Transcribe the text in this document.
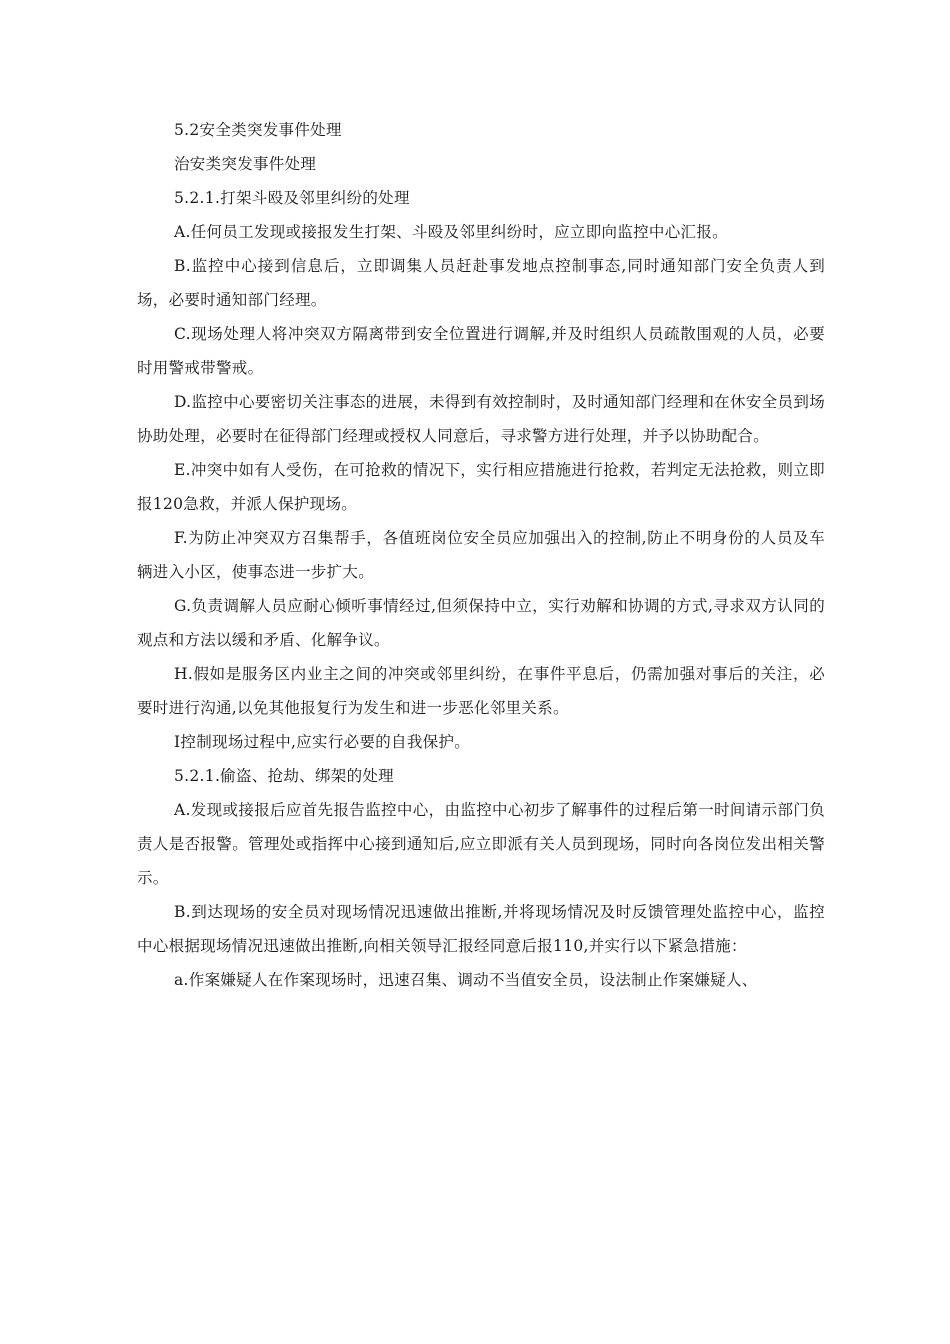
5.2安全类突发事件处理

治安类突发事件处理

5.2.1.打架斗殴及邻里纠纷的处理

A.任何员工发现或接报发生打架、斗殴及邻里纠纷时，应立即向监控中心汇报。

B.监控中心接到信息后，立即调集人员赶赴事发地点控制事态,同时通知部门安全负责人到场，必要时通知部门经理。

C.现场处理人将冲突双方隔离带到安全位置进行调解,并及时组织人员疏散围观的人员，必要时用警戒带警戒。

D.监控中心要密切关注事态的进展，未得到有效控制时，及时通知部门经理和在休安全员到场协助处理，必要时在征得部门经理或授权人同意后，寻求警方进行处理，并予以协助配合。

E.冲突中如有人受伤，在可抢救的情况下，实行相应措施进行抢救，若判定无法抢救，则立即报120急救，并派人保护现场。

F.为防止冲突双方召集帮手，各值班岗位安全员应加强出入的控制,防止不明身份的人员及车辆进入小区，使事态进一步扩大。

G.负责调解人员应耐心倾听事情经过,但须保持中立，实行劝解和协调的方式,寻求双方认同的观点和方法以缓和矛盾、化解争议。

H.假如是服务区内业主之间的冲突或邻里纠纷，在事件平息后，仍需加强对事后的关注，必要时进行沟通,以免其他报复行为发生和进一步恶化邻里关系。

I控制现场过程中,应实行必要的自我保护。

5.2.1.偷盗、抢劫、绑架的处理

A.发现或接报后应首先报告监控中心，由监控中心初步了解事件的过程后第一时间请示部门负责人是否报警。管理处或指挥中心接到通知后,应立即派有关人员到现场，同时向各岗位发出相关警示。

B.到达现场的安全员对现场情况迅速做出推断,并将现场情况及时反馈管理处监控中心，监控中心根据现场情况迅速做出推断,向相关领导汇报经同意后报110,并实行以下紧急措施：

a.作案嫌疑人在作案现场时，迅速召集、调动不当值安全员，设法制止作案嫌疑人、
